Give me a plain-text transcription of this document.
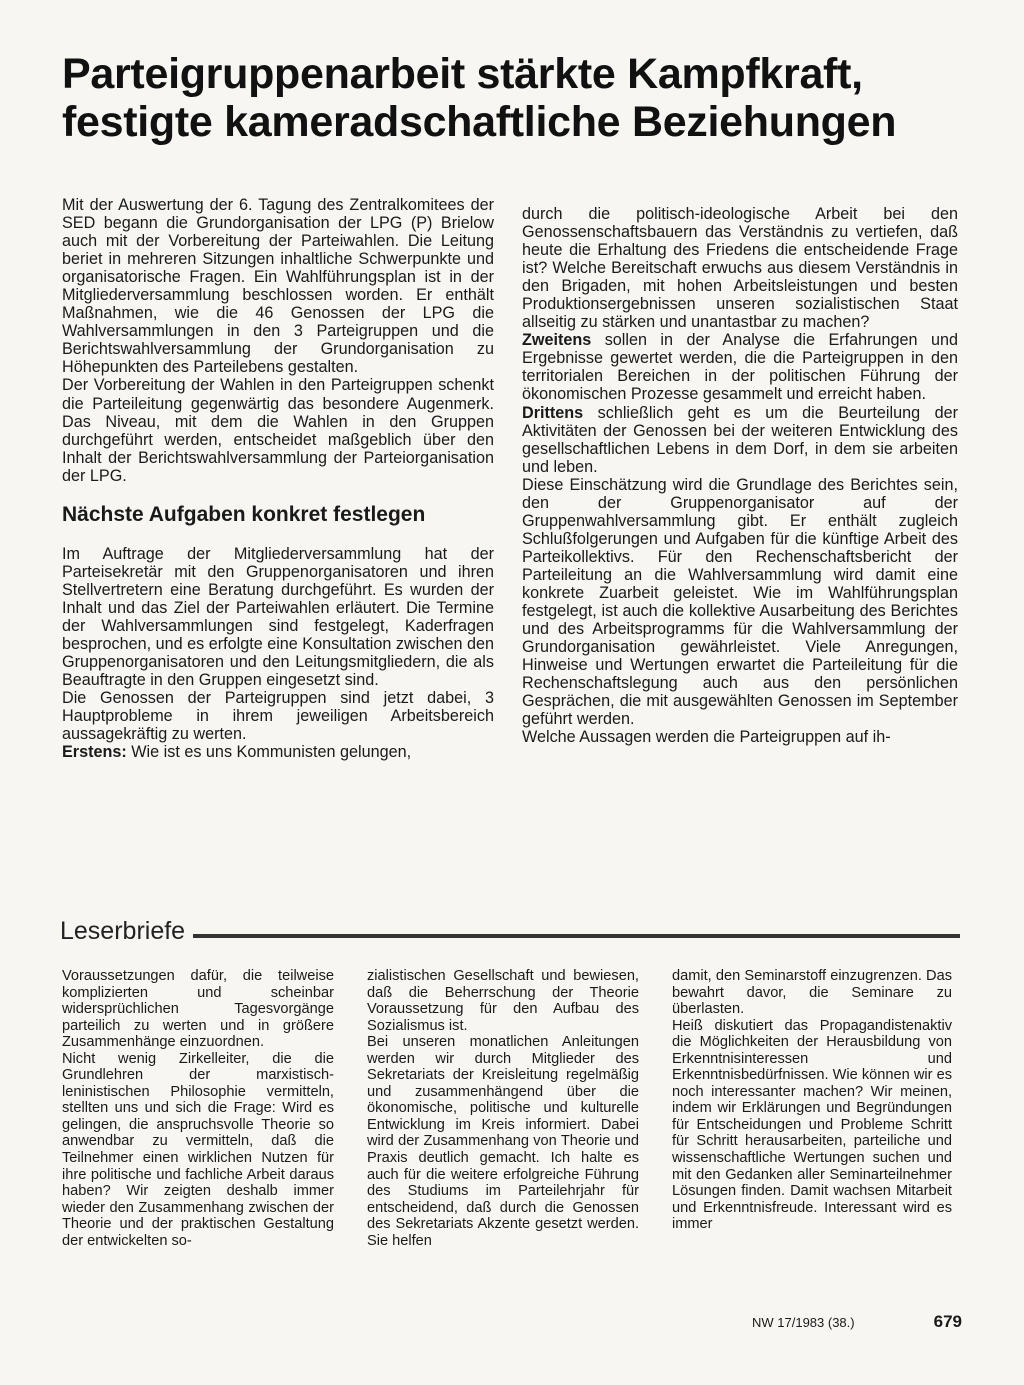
Parteigruppenarbeit stärkte Kampfkraft, festigte kameradschaftliche Beziehungen

Mit der Auswertung der 6. Tagung des Zentralkomitees der SED begann die Grundorganisation der LPG (P) Brielow auch mit der Vorbereitung der Parteiwahlen. Die Leitung beriet in mehreren Sitzungen inhaltliche Schwerpunkte und organisatorische Fragen. Ein Wahlführungsplan ist in der Mitgliederversammlung beschlossen worden. Er enthält Maßnahmen, wie die 46 Genossen der LPG die Wahlversammlungen in den 3 Parteigruppen und die Berichtswahlversammlung der Grundorganisation zu Höhepunkten des Parteilebens gestalten.

Der Vorbereitung der Wahlen in den Parteigruppen schenkt die Parteileitung gegenwärtig das besondere Augenmerk. Das Niveau, mit dem die Wahlen in den Gruppen durchgeführt werden, entscheidet maßgeblich über den Inhalt der Berichtswahlversammlung der Parteiorganisation der LPG.

Nächste Aufgaben konkret festlegen

Im Auftrage der Mitgliederversammlung hat der Parteisekretär mit den Gruppenorganisatoren und ihren Stellvertretern eine Beratung durchgeführt. Es wurden der Inhalt und das Ziel der Parteiwahlen erläutert. Die Termine der Wahlversammlungen sind festgelegt, Kaderfragen besprochen, und es erfolgte eine Konsultation zwischen den Gruppenorganisatoren und den Leitungsmitgliedern, die als Beauftragte in den Gruppen eingesetzt sind.

Die Genossen der Parteigruppen sind jetzt dabei, 3 Hauptprobleme in ihrem jeweiligen Arbeitsbereich aussagekräftig zu werten.

Erstens: Wie ist es uns Kommunisten gelungen,

durch die politisch-ideologische Arbeit bei den Genossenschaftsbauern das Verständnis zu vertiefen, daß heute die Erhaltung des Friedens die entscheidende Frage ist? Welche Bereitschaft erwuchs aus diesem Verständnis in den Brigaden, mit hohen Arbeitsleistungen und besten Produktionsergebnissen unseren sozialistischen Staat allseitig zu stärken und unantastbar zu machen?

Zweitens sollen in der Analyse die Erfahrungen und Ergebnisse gewertet werden, die die Parteigruppen in den territorialen Bereichen in der politischen Führung der ökonomischen Prozesse gesammelt und erreicht haben.

Drittens schließlich geht es um die Beurteilung der Aktivitäten der Genossen bei der weiteren Entwicklung des gesellschaftlichen Lebens in dem Dorf, in dem sie arbeiten und leben.

Diese Einschätzung wird die Grundlage des Berichtes sein, den der Gruppenorganisator auf der Gruppenwahlversammlung gibt. Er enthält zugleich Schlußfolgerungen und Aufgaben für die künftige Arbeit des Parteikollektivs. Für den Rechenschaftsbericht der Parteileitung an die Wahlversammlung wird damit eine konkrete Zuarbeit geleistet. Wie im Wahlführungsplan festgelegt, ist auch die kollektive Ausarbeitung des Berichtes und des Arbeitsprogramms für die Wahlversammlung der Grundorganisation gewährleistet. Viele Anregungen, Hinweise und Wertungen erwartet die Parteileitung für die Rechenschaftslegung auch aus den persönlichen Gesprächen, die mit ausgewählten Genossen im September geführt werden.

Welche Aussagen werden die Parteigruppen auf ih-

Leserbriefe

Voraussetzungen dafür, die teilweise komplizierten und scheinbar widersprüchlichen Tagesvorgänge parteilich zu werten und in größere Zusammenhänge einzuordnen.

Nicht wenig Zirkelleiter, die die Grundlehren der marxistisch-leninistischen Philosophie vermitteln, stellten uns und sich die Frage: Wird es gelingen, die anspruchsvolle Theorie so anwendbar zu vermitteln, daß die Teilnehmer einen wirklichen Nutzen für ihre politische und fachliche Arbeit daraus haben? Wir zeigten deshalb immer wieder den Zusammenhang zwischen der Theorie und der praktischen Gestaltung der entwickelten so-

zialistischen Gesellschaft und bewiesen, daß die Beherrschung der Theorie Voraussetzung für den Aufbau des Sozialismus ist.

Bei unseren monatlichen Anleitungen werden wir durch Mitglieder des Sekretariats der Kreisleitung regelmäßig und zusammenhängend über die ökonomische, politische und kulturelle Entwicklung im Kreis informiert. Dabei wird der Zusammenhang von Theorie und Praxis deutlich gemacht. Ich halte es auch für die weitere erfolgreiche Führung des Studiums im Parteilehrjahr für entscheidend, daß durch die Genossen des Sekretariats Akzente gesetzt werden. Sie helfen

damit, den Seminarstoff einzugrenzen. Das bewahrt davor, die Seminare zu überlasten.

Heiß diskutiert das Propagandistenaktiv die Möglichkeiten der Herausbildung von Erkenntnisinteressen und Erkenntnisbedürfnissen. Wie können wir es noch interessanter machen? Wir meinen, indem wir Erklärungen und Begründungen für Entscheidungen und Probleme Schritt für Schritt herausarbeiten, parteiliche und wissenschaftliche Wertungen suchen und mit den Gedanken aller Seminarteilnehmer Lösungen finden. Damit wachsen Mitarbeit und Erkenntnisfreude. Interessant wird es immer

NW 17/1983 (38.)	679
